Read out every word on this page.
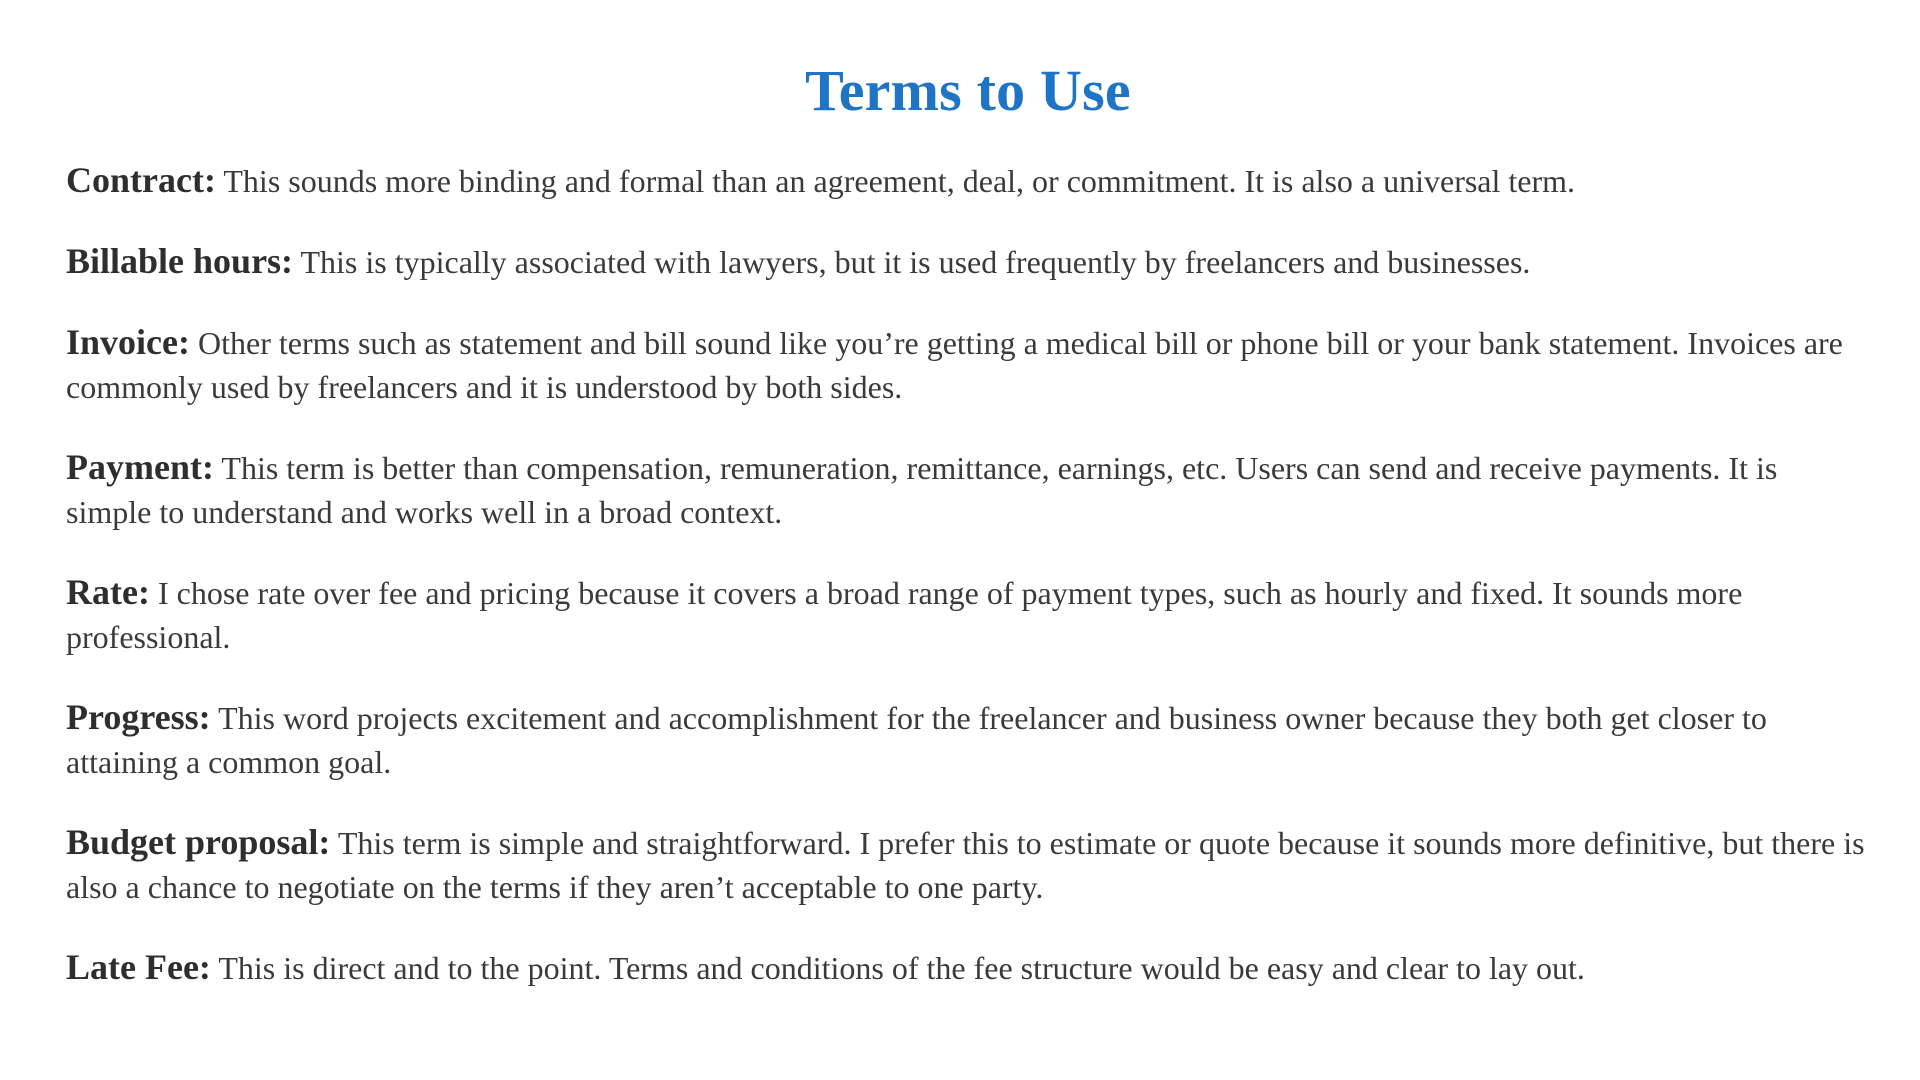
Terms to Use
Contract: This sounds more binding and formal than an agreement, deal, or commitment. It is also a universal term.
Billable hours: This is typically associated with lawyers, but it is used frequently by freelancers and businesses.
Invoice: Other terms such as statement and bill sound like you’re getting a medical bill or phone bill or your bank statement. Invoices are commonly used by freelancers and it is understood by both sides.
Payment: This term is better than compensation, remuneration, remittance, earnings, etc. Users can send and receive payments. It is simple to understand and works well in a broad context.
Rate: I chose rate over fee and pricing because it covers a broad range of payment types, such as hourly and fixed. It sounds more professional.
Progress: This word projects excitement and accomplishment for the freelancer and business owner because they both get closer to attaining a common goal.
Budget proposal: This term is simple and straightforward. I prefer this to estimate or quote because it sounds more definitive, but there is also a chance to negotiate on the terms if they aren’t acceptable to one party.
Late Fee: This is direct and to the point. Terms and conditions of the fee structure would be easy and clear to lay out.
